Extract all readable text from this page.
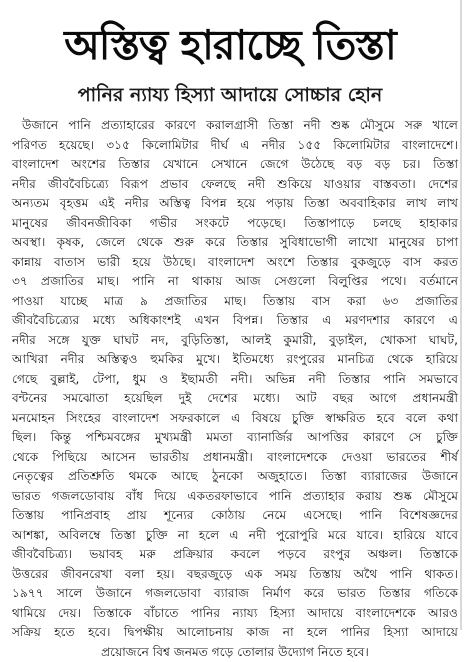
অস্তিত্ব হারাচ্ছে তিস্তা
পানির ন্যায্য হিস্যা আদায়ে সোচ্চার হোন
উজানে পানি প্রত্যাহারের কারণে করালগ্রাসী তিস্তা নদী শুষ্ক মৌসুমে সরু খালে
পরিণত হয়েছে। ৩১৫ কিলোমিটার দীর্ঘ এ নদীর ১৫৫ কিলোমিটার বাংলাদেশে।
বাংলাদেশ অংশের তিস্তার যেখানে সেখানে জেগে উঠেছে বড় বড় চর। তিস্তা
নদীর জীববৈচিত্র্যে বিরূপ প্রভাব ফেলছে নদী শুকিয়ে যাওয়ার বাস্তবতা। দেশের
অন্যতম বৃহত্তম এই নদীর অস্তিত্ব বিপন্ন হয়ে পড়ায় তিস্তা অববাহিকার লাখ লাখ
মানুষের জীবনজীবিকা গভীর সংকটে পড়েছে। তিস্তাপাড়ে চলছে হাহাকার
অবস্থা। কৃষক, জেলে থেকে শুরু করে তিস্তার সুবিধাভোগী লাখো মানুষের চাপা
কান্নায় বাতাস ভারী হয়ে উঠছে। বাংলাদেশ অংশে তিস্তার বুকজুড়ে বাস করত
৩৭ প্রজাতির মাছ। পানি না থাকায় আজ সেগুলো বিলুপ্তির পথে। বর্তমানে
পাওয়া যাচ্ছে মাত্র ৯ প্রজাতির মাছ। তিস্তায় বাস করা ৬৩ প্রজাতির
জীববৈচিত্র্যের মধ্যে অধিকাংশই এখন বিপন্ন। তিস্তার এ মরণদশার কারণে এ
নদীর সঙ্গে যুক্ত ঘাঘট নদ, বুড়িতিস্তা, আলই কুমারী, বুড়াইল, খোকসা ঘাঘট,
আখিরা নদীর অস্তিত্বও হুমকির মুখে। ইতিমধ্যে রংপুরের মানচিত্র থেকে হারিয়ে
গেছে বুল্লাই, টেপা, ধুম ও ইছামতী নদী। অভিন্ন নদী তিস্তার পানি সমভাবে
বন্টনের সমঝোতা হয়েছিল দুই দেশের মধ্যে। আট বছর আগে প্রধানমন্ত্রী
মনমোহন সিংহের বাংলাদেশ সফরকালে এ বিষয়ে চুক্তি স্বাক্ষরিত হবে বলে কথা
ছিল। কিন্তু পশ্চিমবঙ্গের মুখ্যমন্ত্রী মমতা ব্যানার্জির আপত্তির কারণে সে চুক্তি
থেকে পিছিয়ে আসেন ভারতীয় প্রধানমন্ত্রী। বাংলাদেশকে দেওয়া ভারতের শীর্ষ
নেতৃত্বের প্রতিশ্রুতি থমকে আছে ঠুনকো অজুহাতে। তিস্তা ব্যারাজের উজানে
ভারত গজলডোবায় বাঁধ দিয়ে একতরফাভাবে পানি প্রত্যাহার করায় শুষ্ক মৌসুমে
তিস্তায় পানিপ্রবাহ প্রায় শূন্যের কোঠায় নেমে এসেছে। পানি বিশেষজ্ঞদের
আশঙ্কা, অবিলম্বে তিস্তা চুক্তি না হলে এ নদী পুরোপুরি মরে যাবে। হারিয়ে যাবে
জীববৈচিত্র্য। ভয়াবহ মরু প্রক্রিয়ার কবলে পড়বে রংপুর অঞ্চল। তিস্তাকে
উত্তরের জীবনরেখা বলা হয়। বছরজুড়ে এক সময় তিস্তায় অথৈ পানি থাকত।
১৯৭৭ সালে উজানে গজলডোবা ব্যারাজ নির্মাণ করে ভারত তিস্তার গতিকে
থামিয়ে দেয়। তিস্তাকে বাঁচাতে পানির ন্যায্য হিস্যা আদায়ে বাংলাদেশকে আরও
সক্রিয় হতে হবে। দ্বিপক্ষীয় আলোচনায় কাজ না হলে পানির হিস্যা আদায়ে
প্রয়োজনে বিশ্ব জনমত গড়ে তোলার উদ্যোগ নিতে হবে।
